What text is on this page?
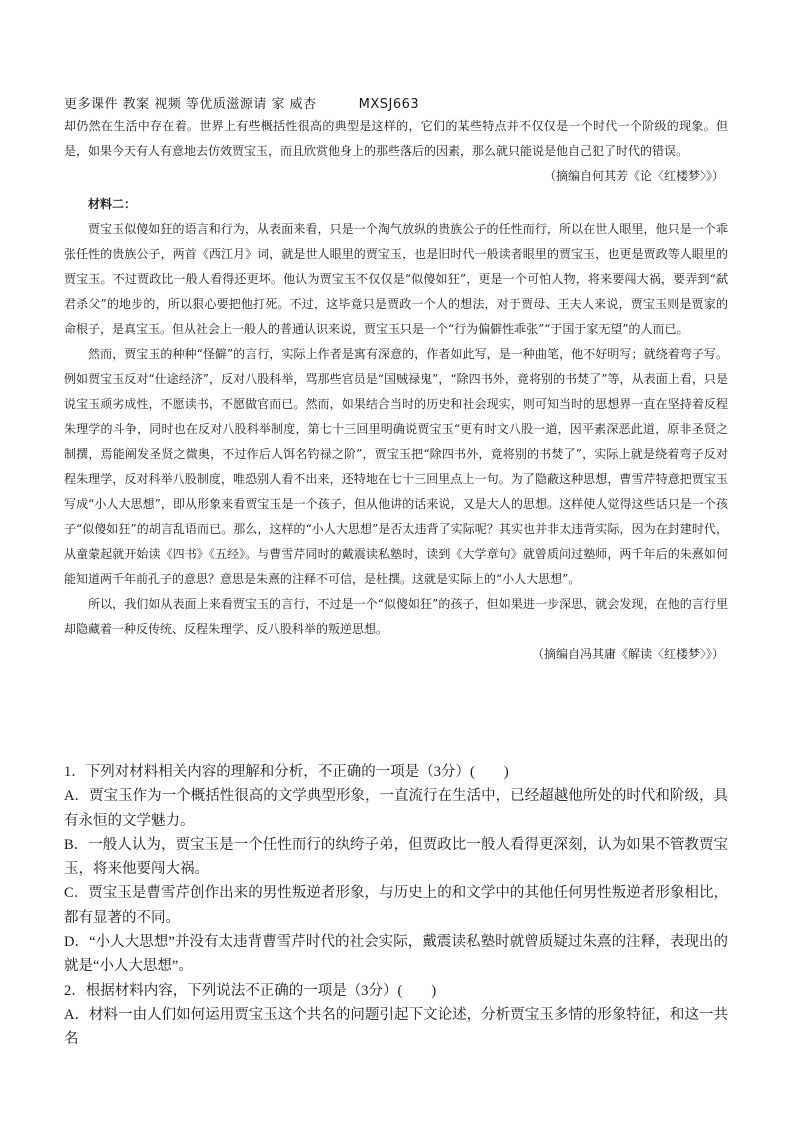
更多课件 教案 视频 等优质滋源请 家 威杏	MXSJ663

却仍然在生活中存在着。世界上有些概括性很高的典型是这样的，它们的某些特点并不仅仅是一个时代一个阶级的现象。但是，如果今天有人有意地去仿效贾宝玉，而且欣赏他身上的那些落后的因素，那么就只能说是他自己犯了时代的错误。

（摘编自何其芳《论〈红楼梦〉》）

材料二：

贾宝玉似傻如狂的语言和行为，从表面来看，只是一个淘气放纵的贵族公子的任性而行，所以在世人眼里，他只是一个乖张任性的贵族公子，两首《西江月》词，就是世人眼里的贾宝玉，也是旧时代一般读者眼里的贾宝玉，也更是贾政等人眼里的贾宝玉。不过贾政比一般人看得还更坏。他认为贾宝玉不仅仅是“似傻如狂”，更是一个可怕人物，将来要闯大祸，要弄到“弑君杀父”的地步的，所以狠心要把他打死。不过，这毕竟只是贾政一个人的想法，对于贾母、王夫人来说，贾宝玉则是贾家的命根子，是真宝玉。但从社会上一般人的普通认识来说，贾宝玉只是一个“行为偏僻性乖张”“于国于家无望”的人而已。

然而，贾宝玉的种种“怪僻”的言行，实际上作者是寓有深意的，作者如此写，是一种曲笔，他不好明写；就绕着弯子写。例如贾宝玉反对“仕途经济”，反对八股科举，骂那些官员是“国贼禄鬼”，“除四书外，竟将别的书焚了”等，从表面上看，只是说宝玉顽劣成性，不愿读书，不愿做官而已。然而，如果结合当时的历史和社会现实，则可知当时的思想界一直在坚持着反程朱理学的斗争，同时也在反对八股科举制度，第七十三回里明确说贾宝玉“更有时文八股一道，因平素深恶此道，原非圣贤之制撰，焉能阐发圣贤之微奥，不过作后人饵名钓禄之阶”，贾宝玉把“除四书外，竟将别的书焚了”，实际上就是绕着弯子反对程朱理学，反对科举八股制度，唯恐别人看不出来，还特地在七十三回里点上一句。为了隐蔽这种思想，曹雪芹特意把贾宝玉写成“小人大思想”，即从形象来看贾宝玉是一个孩子，但从他讲的话来说，又是大人的思想。这样使人觉得这些话只是一个孩子“似傻如狂”的胡言乱语而已。那么，这样的“小人大思想”是否太违背了实际呢？其实也并非太违背实际，因为在封建时代，从童蒙起就开始读《四书》《五经》。与曹雪芹同时的戴震读私塾时，读到《大学章句》就曾质问过塾师，两千年后的朱熹如何能知道两千年前孔子的意思？意思是朱熹的注释不可信，是杜撰。这就是实际上的“小人大思想”。

所以，我们如从表面上来看贾宝玉的言行，不过是一个“似傻如狂”的孩子，但如果进一步深思，就会发现，在他的言行里却隐藏着一种反传统、反程朱理学、反八股科举的叛逆思想。

（摘编自冯其庸《解读〈红楼梦〉》）

1．下列对材料相关内容的理解和分析，不正确的一项是（3分）(　　)

A．贾宝玉作为一个概括性很高的文学典型形象，一直流行在生活中，已经超越他所处的时代和阶级，具有永恒的文学魅力。

B．一般人认为，贾宝玉是一个任性而行的纨绔子弟，但贾政比一般人看得更深刻，认为如果不管教贾宝玉，将来他要闯大祸。

C．贾宝玉是曹雪芹创作出来的男性叛逆者形象，与历史上的和文学中的其他任何男性叛逆者形象相比，都有显著的不同。

D．“小人大思想”并没有太违背曹雪芹时代的社会实际，戴震读私塾时就曾质疑过朱熹的注释，表现出的就是“小人大思想”。

2．根据材料内容，下列说法不正确的一项是（3分）(　　)

A．材料一由人们如何运用贾宝玉这个共名的问题引起下文论述，分析贾宝玉多情的形象特征，和这一共名
